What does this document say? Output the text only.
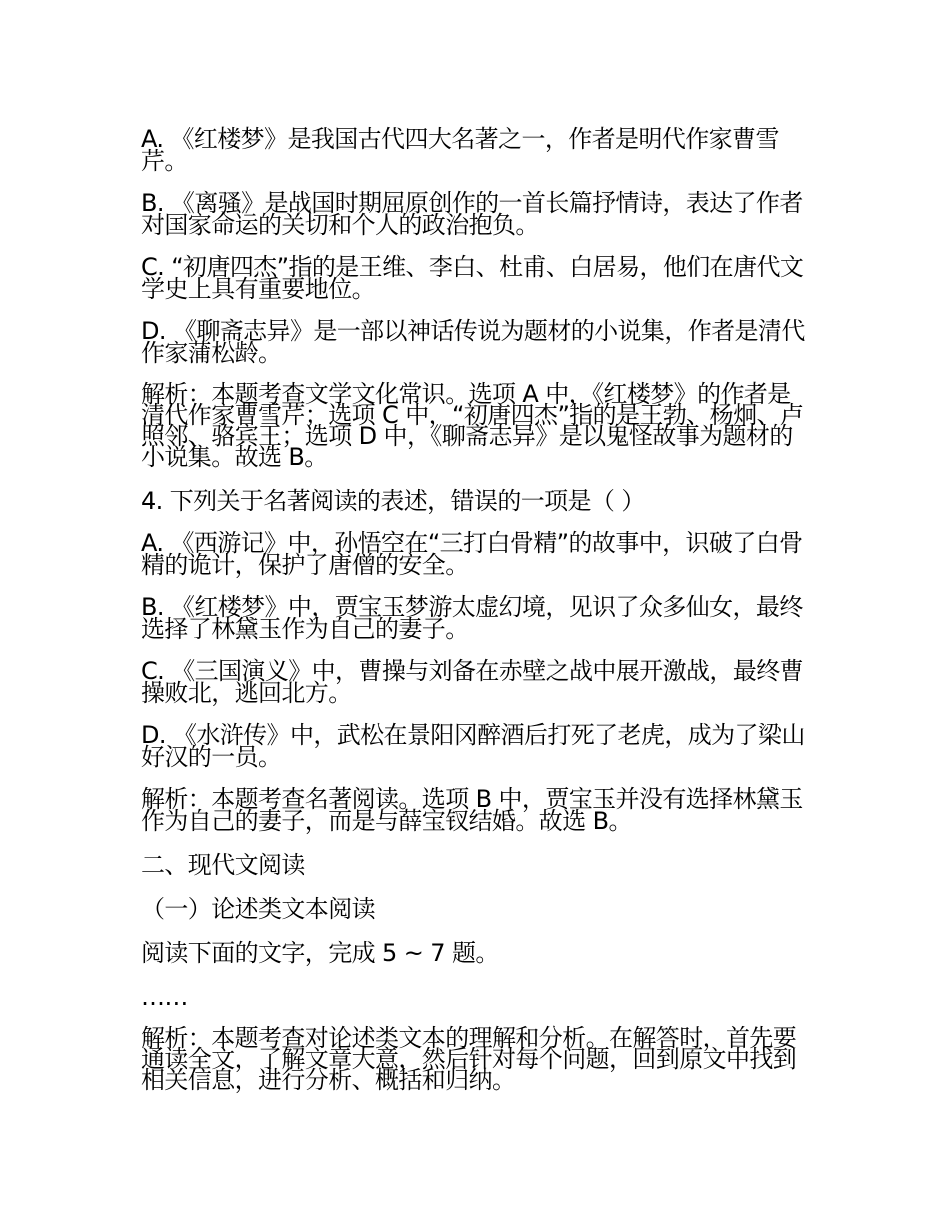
A. 《红楼梦》是我国古代四大名著之一，作者是明代作家曹雪芹。

B. 《离骚》是战国时期屈原创作的一首长篇抒情诗，表达了作者对国家命运的关切和个人的政治抱负。

C. “初唐四杰”指的是王维、李白、杜甫、白居易，他们在唐代文学史上具有重要地位。

D. 《聊斋志异》是一部以神话传说为题材的小说集，作者是清代作家蒲松龄。

解析：本题考查文学文化常识。选项 A 中，《红楼梦》的作者是清代作家曹雪芹；选项 C 中，“初唐四杰”指的是王勃、杨炯、卢照邻、骆宾王；选项 D 中，《聊斋志异》是以鬼怪故事为题材的小说集。故选 B。

4. 下列关于名著阅读的表述，错误的一项是（ ）

A. 《西游记》中，孙悟空在“三打白骨精”的故事中，识破了白骨精的诡计，保护了唐僧的安全。

B. 《红楼梦》中，贾宝玉梦游太虚幻境，见识了众多仙女，最终选择了林黛玉作为自己的妻子。

C. 《三国演义》中，曹操与刘备在赤壁之战中展开激战，最终曹操败北，逃回北方。

D. 《水浒传》中，武松在景阳冈醉酒后打死了老虎，成为了梁山好汉的一员。

解析：本题考查名著阅读。选项 B 中，贾宝玉并没有选择林黛玉作为自己的妻子，而是与薛宝钗结婚。故选 B。

二、现代文阅读

（一）论述类文本阅读

阅读下面的文字，完成 5 ~ 7 题。

……

解析：本题考查对论述类文本的理解和分析。在解答时，首先要通读全文，了解文章大意，然后针对每个问题，回到原文中找到相关信息，进行分析、概括和归纳。
